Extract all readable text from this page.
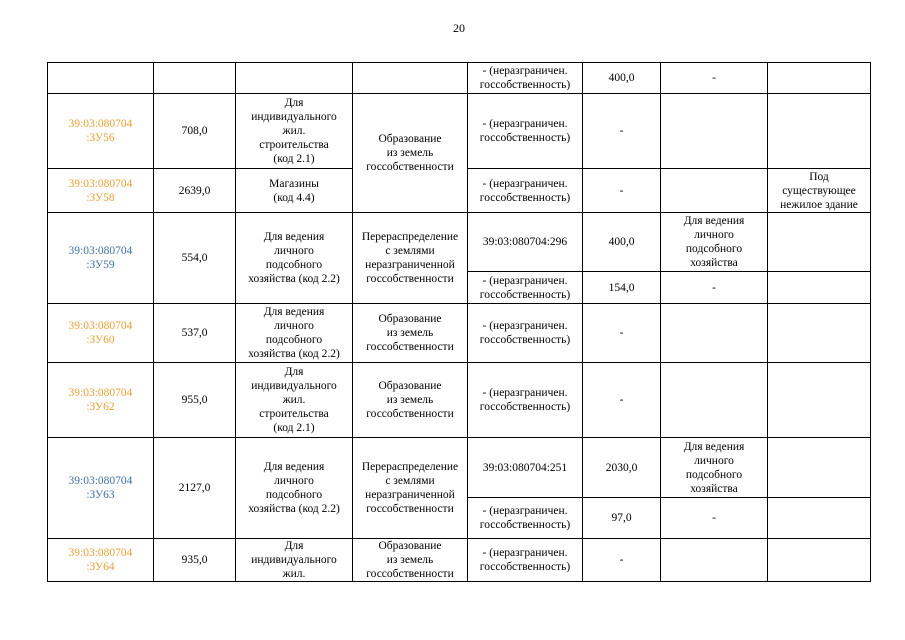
20
				- (неразграничен.
госсобственность)	400,0	-	
39:03:080704
:ЗУ56	708,0	Для
индивидуального
жил.
строительства
(код 2.1)	Образование
из земель
госсобственности	- (неразграничен.
госсобственность)	-		
39:03:080704
:ЗУ58	2639,0	Магазины
(код 4.4)		- (неразграничен.
госсобственность)	-		Под
существующее
нежилое здание
39:03:080704
:ЗУ59	554,0	Для ведения
личного
подсобного
хозяйства (код 2.2)	Перераспределение
с землями
неразграниченной
госсобственности	39:03:080704:296	400,0	Для ведения
личного
подсобного
хозяйства	
				- (неразграничен.
госсобственность)	154,0	-	
39:03:080704
:ЗУ60	537,0	Для ведения
личного
подсобного
хозяйства (код 2.2)	Образование
из земель
госсобственности	- (неразграничен.
госсобственность)	-		
39:03:080704
:ЗУ62	955,0	Для
индивидуального
жил.
строительства
(код 2.1)	Образование
из земель
госсобственности	- (неразграничен.
госсобственность)	-		
39:03:080704
:ЗУ63	2127,0	Для ведения
личного
подсобного
хозяйства (код 2.2)	Перераспределение
с землями
неразграниченной
госсобственности	39:03:080704:251	2030,0	Для ведения
личного
подсобного
хозяйства	
				- (неразграничен.
госсобственность)	97,0	-	
39:03:080704
:ЗУ64	935,0	Для
индивидуального
жил.	Образование
из земель
госсобственности	- (неразграничен.
госсобственность)	-		
